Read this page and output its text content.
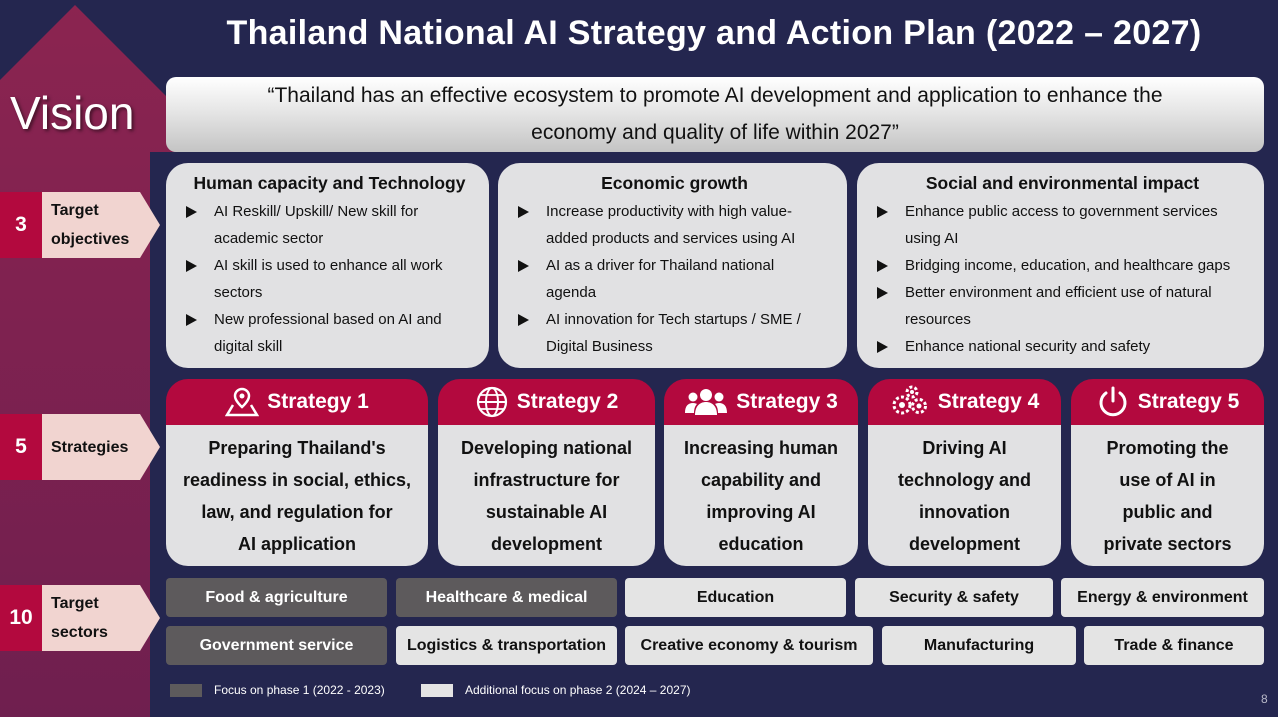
Thailand National AI Strategy and Action Plan (2022 – 2027)
Vision	“Thailand has an effective ecosystem to promote AI development and application to enhance the
economy and quality of life within 2027”
3
Target
objectives
5	Strategies
10
Target
sectors
Human capacity and Technology
AI Reskill/ Upskill/ New skill for
academic sector
AI skill is used to enhance all work
sectors
New professional based on AI and
digital skill
Economic growth
Increase productivity with high value-
added products and services using AI
AI as a driver for Thailand national
agenda
AI innovation for Tech startups / SME /
Digital Business
Social and environmental impact
Enhance public access to government services
using AI
Bridging income, education, and healthcare gaps
Better environment and efficient use of natural
resources
Enhance national security and safety
Strategy 1
Preparing Thailand's
readiness in social, ethics,
law, and regulation for
AI application
Strategy 2
Developing national
infrastructure for
sustainable AI
development
Strategy 3
Increasing human
capability and
improving AI
education
Strategy 4
Driving AI
technology and
innovation
development
Strategy 5
Promoting the
use of AI in
public and
private sectors
Food & agriculture	Healthcare & medical	Education	Security & safety	Energy & environment
Government service	Logistics & transportation	Creative economy & tourism	Manufacturing	Trade & finance
Focus on phase 1 (2022 - 2023)	Additional focus on phase 2 (2024 – 2027)
8
